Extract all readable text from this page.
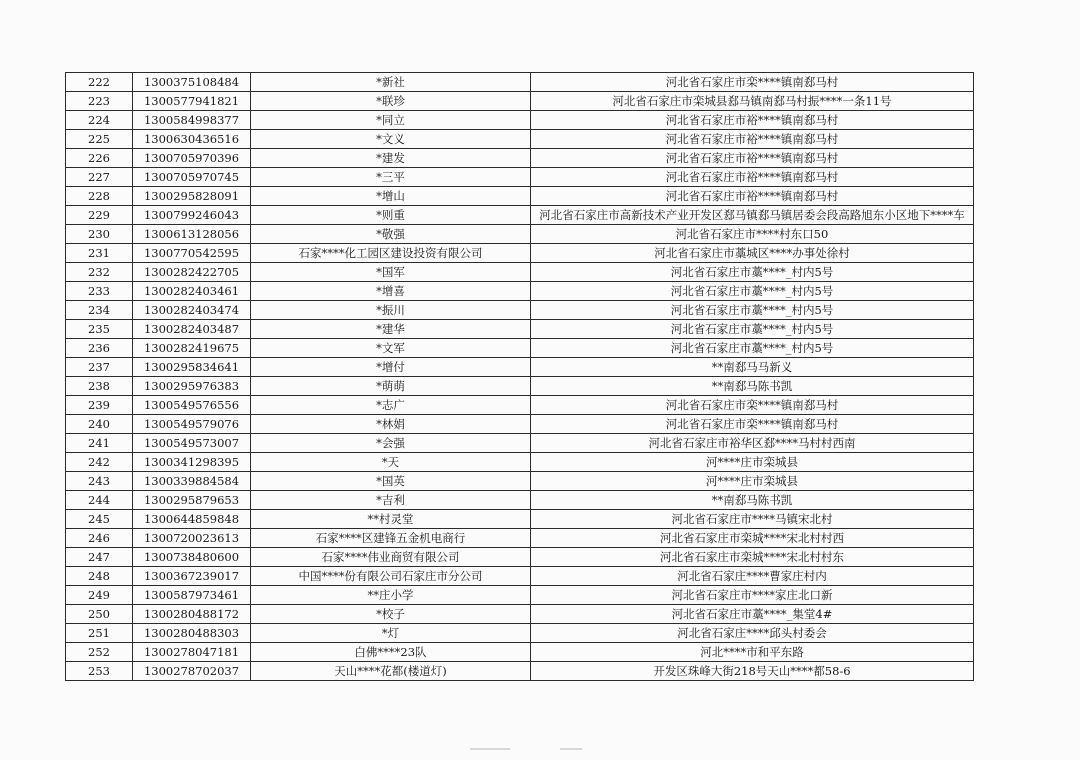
222	1300375108484	*新社	河北省石家庄市栾****镇南郄马村
223	1300577941821	*联珍	河北省石家庄市栾城县郄马镇南郄马村振****一条11号
224	1300584998377	*同立	河北省石家庄市裕****镇南郄马村
225	1300630436516	*文义	河北省石家庄市裕****镇南郄马村
226	1300705970396	*建发	河北省石家庄市裕****镇南郄马村
227	1300705970745	*三平	河北省石家庄市裕****镇南郄马村
228	1300295828091	*增山	河北省石家庄市裕****镇南郄马村
229	1300799246043	*则重	河北省石家庄市高新技术产业开发区郄马镇郄马镇居委会段高路旭东小区地下****车
230	1300613128056	*敬强	河北省石家庄市****村东口50
231	1300770542595	石家****化工园区建设投资有限公司	河北省石家庄市藁城区****办事处徐村
232	1300282422705	*国军	河北省石家庄市藁****_村内5号
233	1300282403461	*增喜	河北省石家庄市藁****_村内5号
234	1300282403474	*振川	河北省石家庄市藁****_村内5号
235	1300282403487	*建华	河北省石家庄市藁****_村内5号
236	1300282419675	*文军	河北省石家庄市藁****_村内5号
237	1300295834641	*增付	**南郄马马新义
238	1300295976383	*萌萌	**南郄马陈书凯
239	1300549576556	*志广	河北省石家庄市栾****镇南郄马村
240	1300549579076	*林娟	河北省石家庄市栾****镇南郄马村
241	1300549573007	*会强	河北省石家庄市裕华区郄****马村村西南
242	1300341298395	*天	河****庄市栾城县
243	1300339884584	*国英	河****庄市栾城县
244	1300295879653	*吉利	**南郄马陈书凯
245	1300644859848	**村灵堂	河北省石家庄市****马镇宋北村
246	1300720023613	石家****区建锋五金机电商行	河北省石家庄市栾城****宋北村村西
247	1300738480600	石家****伟业商贸有限公司	河北省石家庄市栾城****宋北村村东
248	1300367239017	中国****份有限公司石家庄市分公司	河北省石家庄****曹家庄村内
249	1300587973461	**庄小学	河北省石家庄市****家庄北口新
250	1300280488172	*校子	河北省石家庄市藁****_集堂4#
251	1300280488303	*灯	河北省石家庄****邱头村委会
252	1300278047181	白佛****23队	河北****市和平东路
253	1300278702037	天山****花都(楼道灯)	开发区珠峰大街218号天山****都58-6
